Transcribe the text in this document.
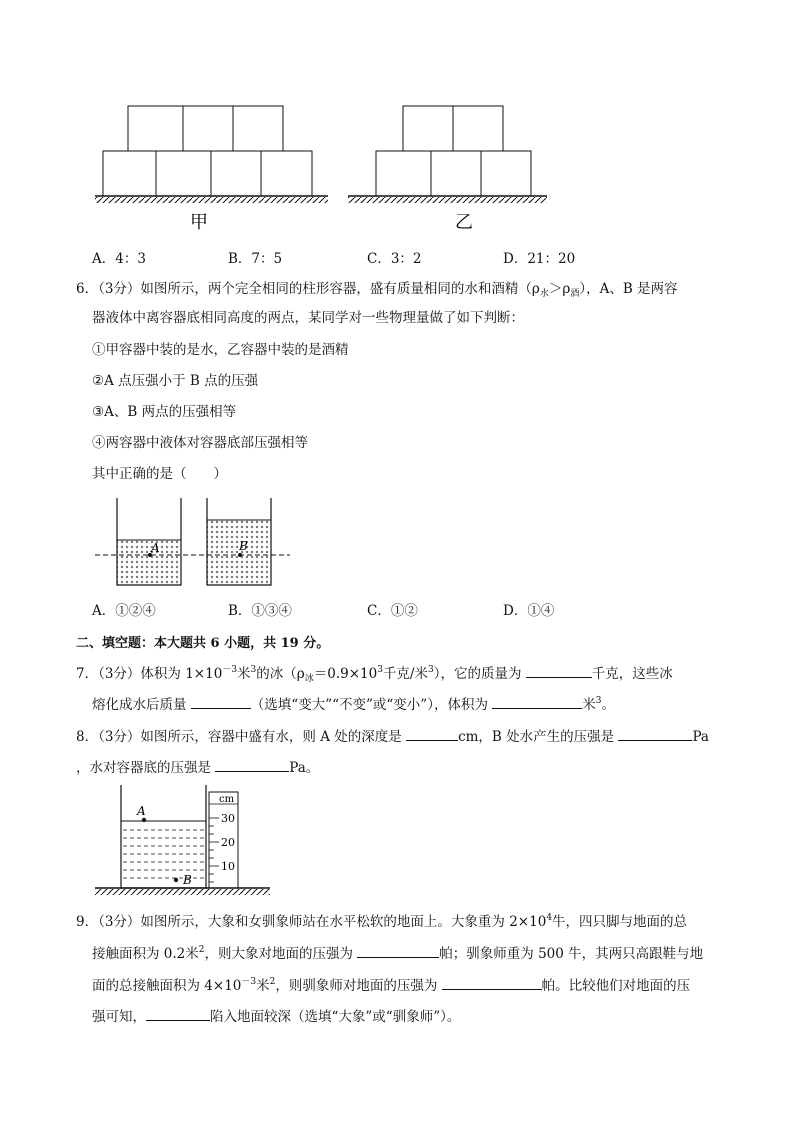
甲	乙
A．4：3	B．7：5	C．3：2	D．21：20
6．（3分）如图所示，两个完全相同的柱形容器，盛有质量相同的水和酒精$(\rho_水>\rho_酒)$，A、B 是两容
器液体中离容器底相同高度的两点，某同学对一些物理量做了如下判断：
①甲容器中装的是水，乙容器中装的是酒精
②A 点压强小于 B 点的压强
③A、B 两点的压强相等
④两容器中液体对容器底部压强相等
其中正确的是（　　）
A	B
A．①②④	B．①③④	C．①②	D．①④
二、填空题：本大题共 6 小题，共 19 分。
7．（3分）体积为 $1\times 10^{-3}$米$^3$的冰（$\rho_冰=0.9\times 10^3$千克/米$^3$），它的质量为	千克，这些冰
熔化成水后质量	（选填“变大”“不变”或“变小”），体积为	米$^3$。
8．（3分）如图所示，容器中盛有水，则 A 处的深度是	cm，B 处水产生的压强是	Pa
，水对容器底的压强是	Pa。
A
B
cm
30
20
10
9．（3分）如图所示，大象和女驯象师站在水平松软的地面上。大象重为 $2\times 10^4$牛，四只脚与地面的总
接触面积为 0.2米$^2$，则大象对地面的压强为	帕；驯象师重为 500 牛，其两只高跟鞋与地
面的总接触面积为 $4\times 10^{-3}$米$^2$，则驯象师对地面的压强为	帕。比较他们对地面的压
强可知，	陷入地面较深（选填“大象”或“驯象师”）。
